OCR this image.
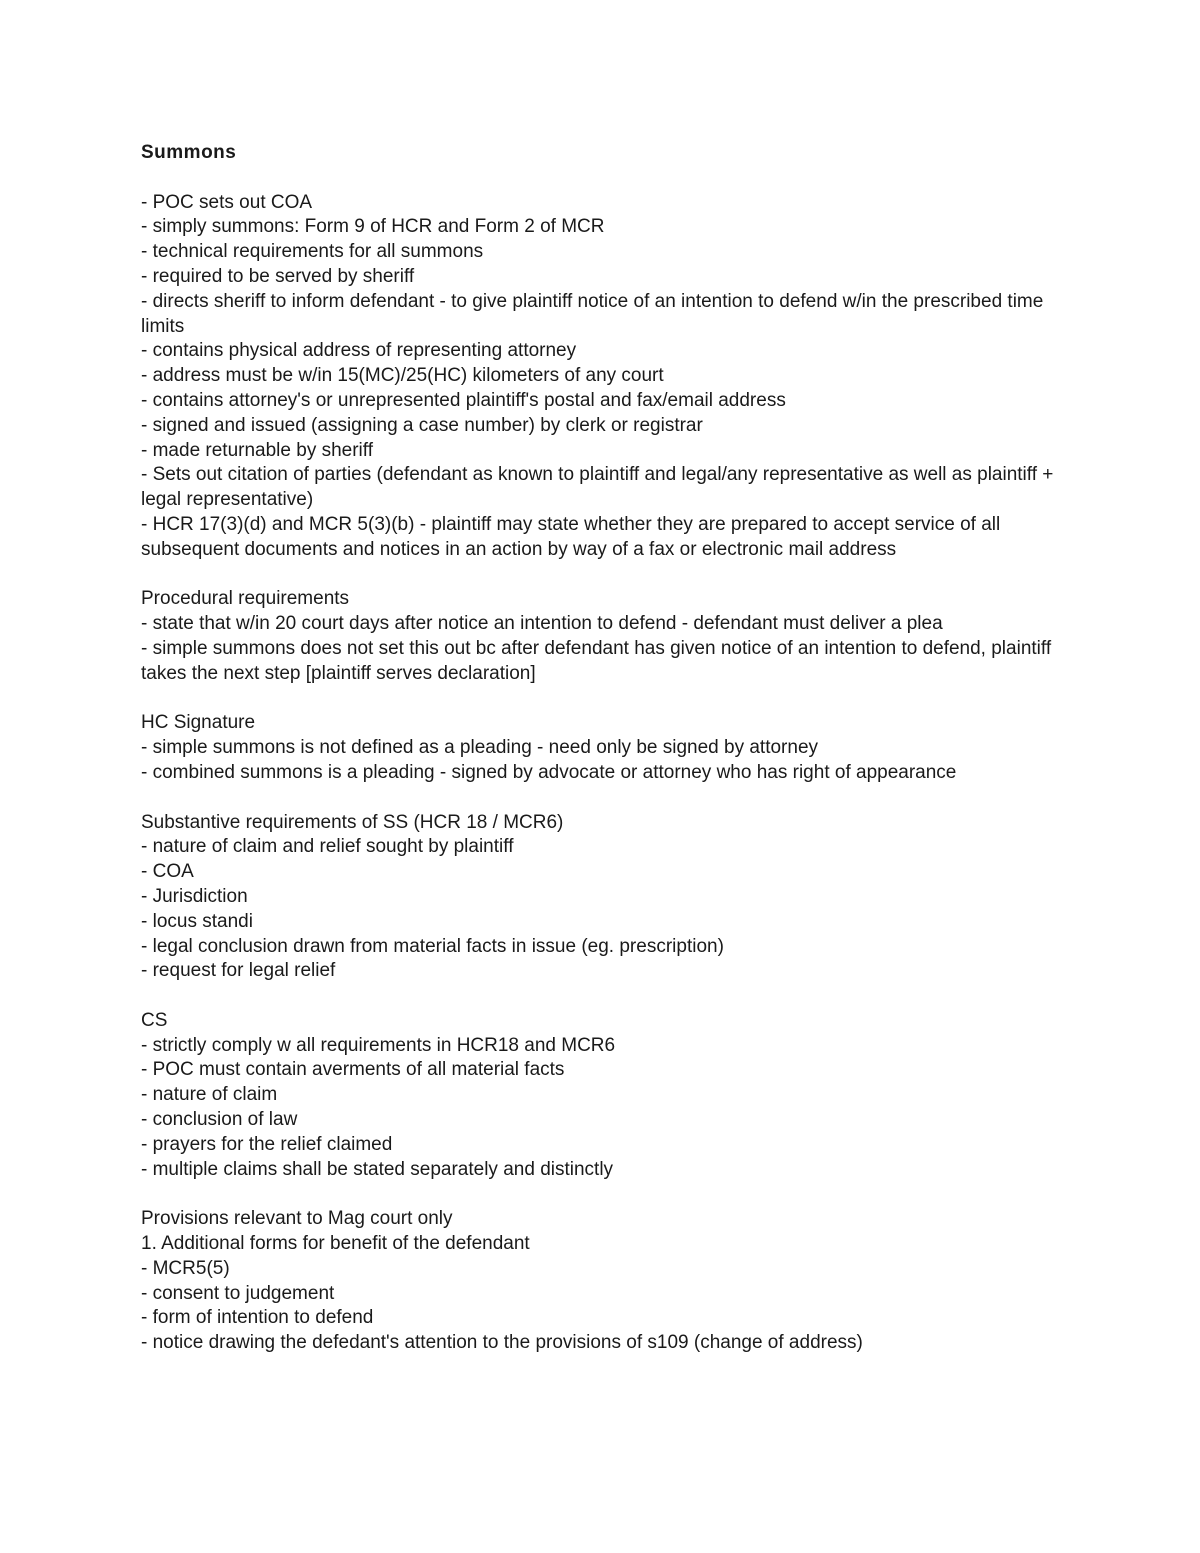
Summons
- POC sets out COA
- simply summons: Form 9 of HCR and Form 2 of MCR
- technical requirements for all summons
- required to be served by sheriff
- directs sheriff to inform defendant - to give plaintiff notice of an intention to defend w/in the prescribed time limits
- contains physical address of representing attorney
- address must be w/in 15(MC)/25(HC) kilometers of any court
- contains attorney's or unrepresented plaintiff's postal and fax/email address
- signed and issued (assigning a case number) by clerk or registrar
- made returnable by sheriff
- Sets out citation of parties (defendant as known to plaintiff and legal/any representative as well as plaintiff + legal representative)
- HCR 17(3)(d) and MCR 5(3)(b) - plaintiff may state whether they are prepared to accept service of all subsequent documents and notices in an action by way of a fax or electronic mail address
Procedural requirements
- state that w/in 20 court days after notice an intention to defend - defendant must deliver a plea
- simple summons does not set this out bc after defendant has given notice of an intention to defend, plaintiff takes the next step [plaintiff serves declaration]
HC Signature
- simple summons is not defined as a pleading - need only be signed by attorney
- combined summons is a pleading - signed by advocate or attorney who has right of appearance
Substantive requirements of SS (HCR 18 / MCR6)
- nature of claim and relief sought by plaintiff
- COA
- Jurisdiction
- locus standi
- legal conclusion drawn from material facts in issue (eg. prescription)
- request for legal relief
CS
- strictly comply w all requirements in HCR18 and MCR6
- POC must contain averments of all material facts
- nature of claim
- conclusion of law
- prayers for the relief claimed
- multiple claims shall be stated separately and distinctly
Provisions relevant to Mag court only
1. Additional forms for benefit of the defendant
- MCR5(5)
- consent to judgement
- form of intention to defend
- notice drawing the defedant's attention to the provisions of s109 (change of address)
